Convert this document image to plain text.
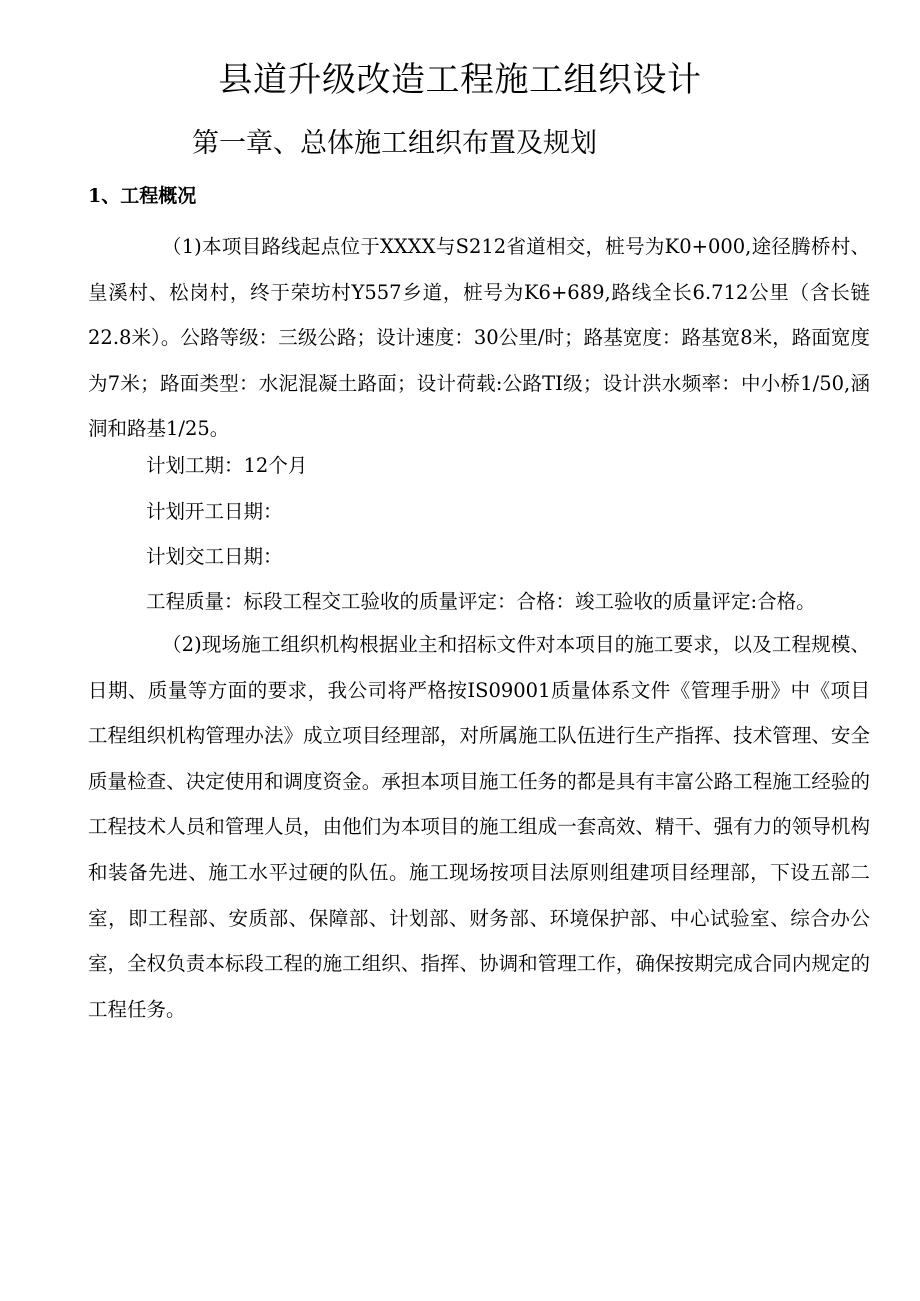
县道升级改造工程施工组织设计
第一章、总体施工组织布置及规划
1、工程概况

（1)本项目路线起点位于XXXX与S212省道相交，桩号为K0+000,途径腾桥村、皇溪村、松岗村，终于荣坊村Y557乡道，桩号为K6+689,路线全长6.712公里（含长链22.8米）。公路等级：三级公路；设计速度：30公里/时；路基宽度：路基宽8米，路面宽度为7米；路面类型：水泥混凝土路面；设计荷载:公路TI级；设计洪水频率：中小桥1/50,涵洞和路基1/25。

计划工期：12个月

计划开工日期：

计划交工日期：

工程质量：标段工程交工验收的质量评定：合格：竣工验收的质量评定:合格。

（2)现场施工组织机构根据业主和招标文件对本项目的施工要求，以及工程规模、日期、质量等方面的要求，我公司将严格按IS09001质量体系文件《管理手册》中《项目工程组织机构管理办法》成立项目经理部，对所属施工队伍进行生产指挥、技术管理、安全质量检查、决定使用和调度资金。承担本项目施工任务的都是具有丰富公路工程施工经验的工程技术人员和管理人员，由他们为本项目的施工组成一套高效、精干、强有力的领导机构和装备先进、施工水平过硬的队伍。施工现场按项目法原则组建项目经理部，下设五部二室，即工程部、安质部、保障部、计划部、财务部、环境保护部、中心试验室、综合办公室，全权负责本标段工程的施工组织、指挥、协调和管理工作，确保按期完成合同内规定的工程任务。
